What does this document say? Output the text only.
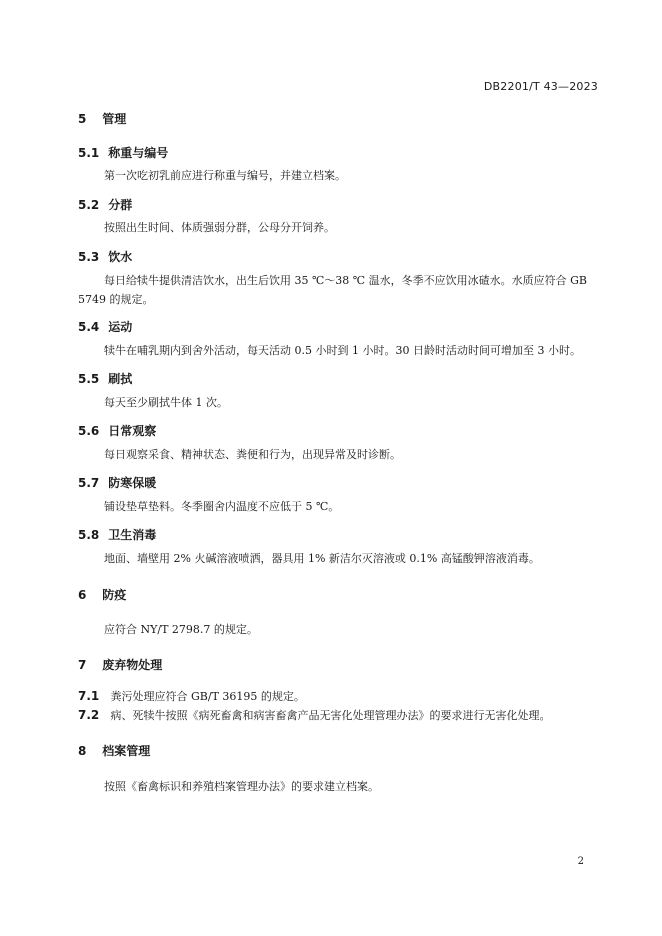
DB2201/T 43—2023
5 管理
5.1 称重与编号
第一次吃初乳前应进行称重与编号，并建立档案。
5.2 分群
按照出生时间、体质强弱分群，公母分开饲养。
5.3 饮水
每日给犊牛提供清洁饮水，出生后饮用 35 ℃～38 ℃ 温水，冬季不应饮用冰碴水。水质应符合 GB
5749 的规定。
5.4 运动
犊牛在哺乳期内到舍外活动，每天活动 0.5 小时到 1 小时。30 日龄时活动时间可增加至 3 小时。
5.5 刷拭
每天至少刷拭牛体 1 次。
5.6 日常观察
每日观察采食、精神状态、粪便和行为，出现异常及时诊断。
5.7 防寒保暖
铺设垫草垫料。冬季圈舍内温度不应低于 5 ℃。
5.8 卫生消毒
地面、墙壁用 2% 火碱溶液喷洒，器具用 1% 新洁尔灭溶液或 0.1% 高锰酸钾溶液消毒。
6 防疫
应符合 NY/T 2798.7 的规定。
7 废弃物处理
7.1 粪污处理应符合 GB/T 36195 的规定。
7.2 病、死犊牛按照《病死畜禽和病害畜禽产品无害化处理管理办法》的要求进行无害化处理。
8 档案管理
按照《畜禽标识和养殖档案管理办法》的要求建立档案。
2
